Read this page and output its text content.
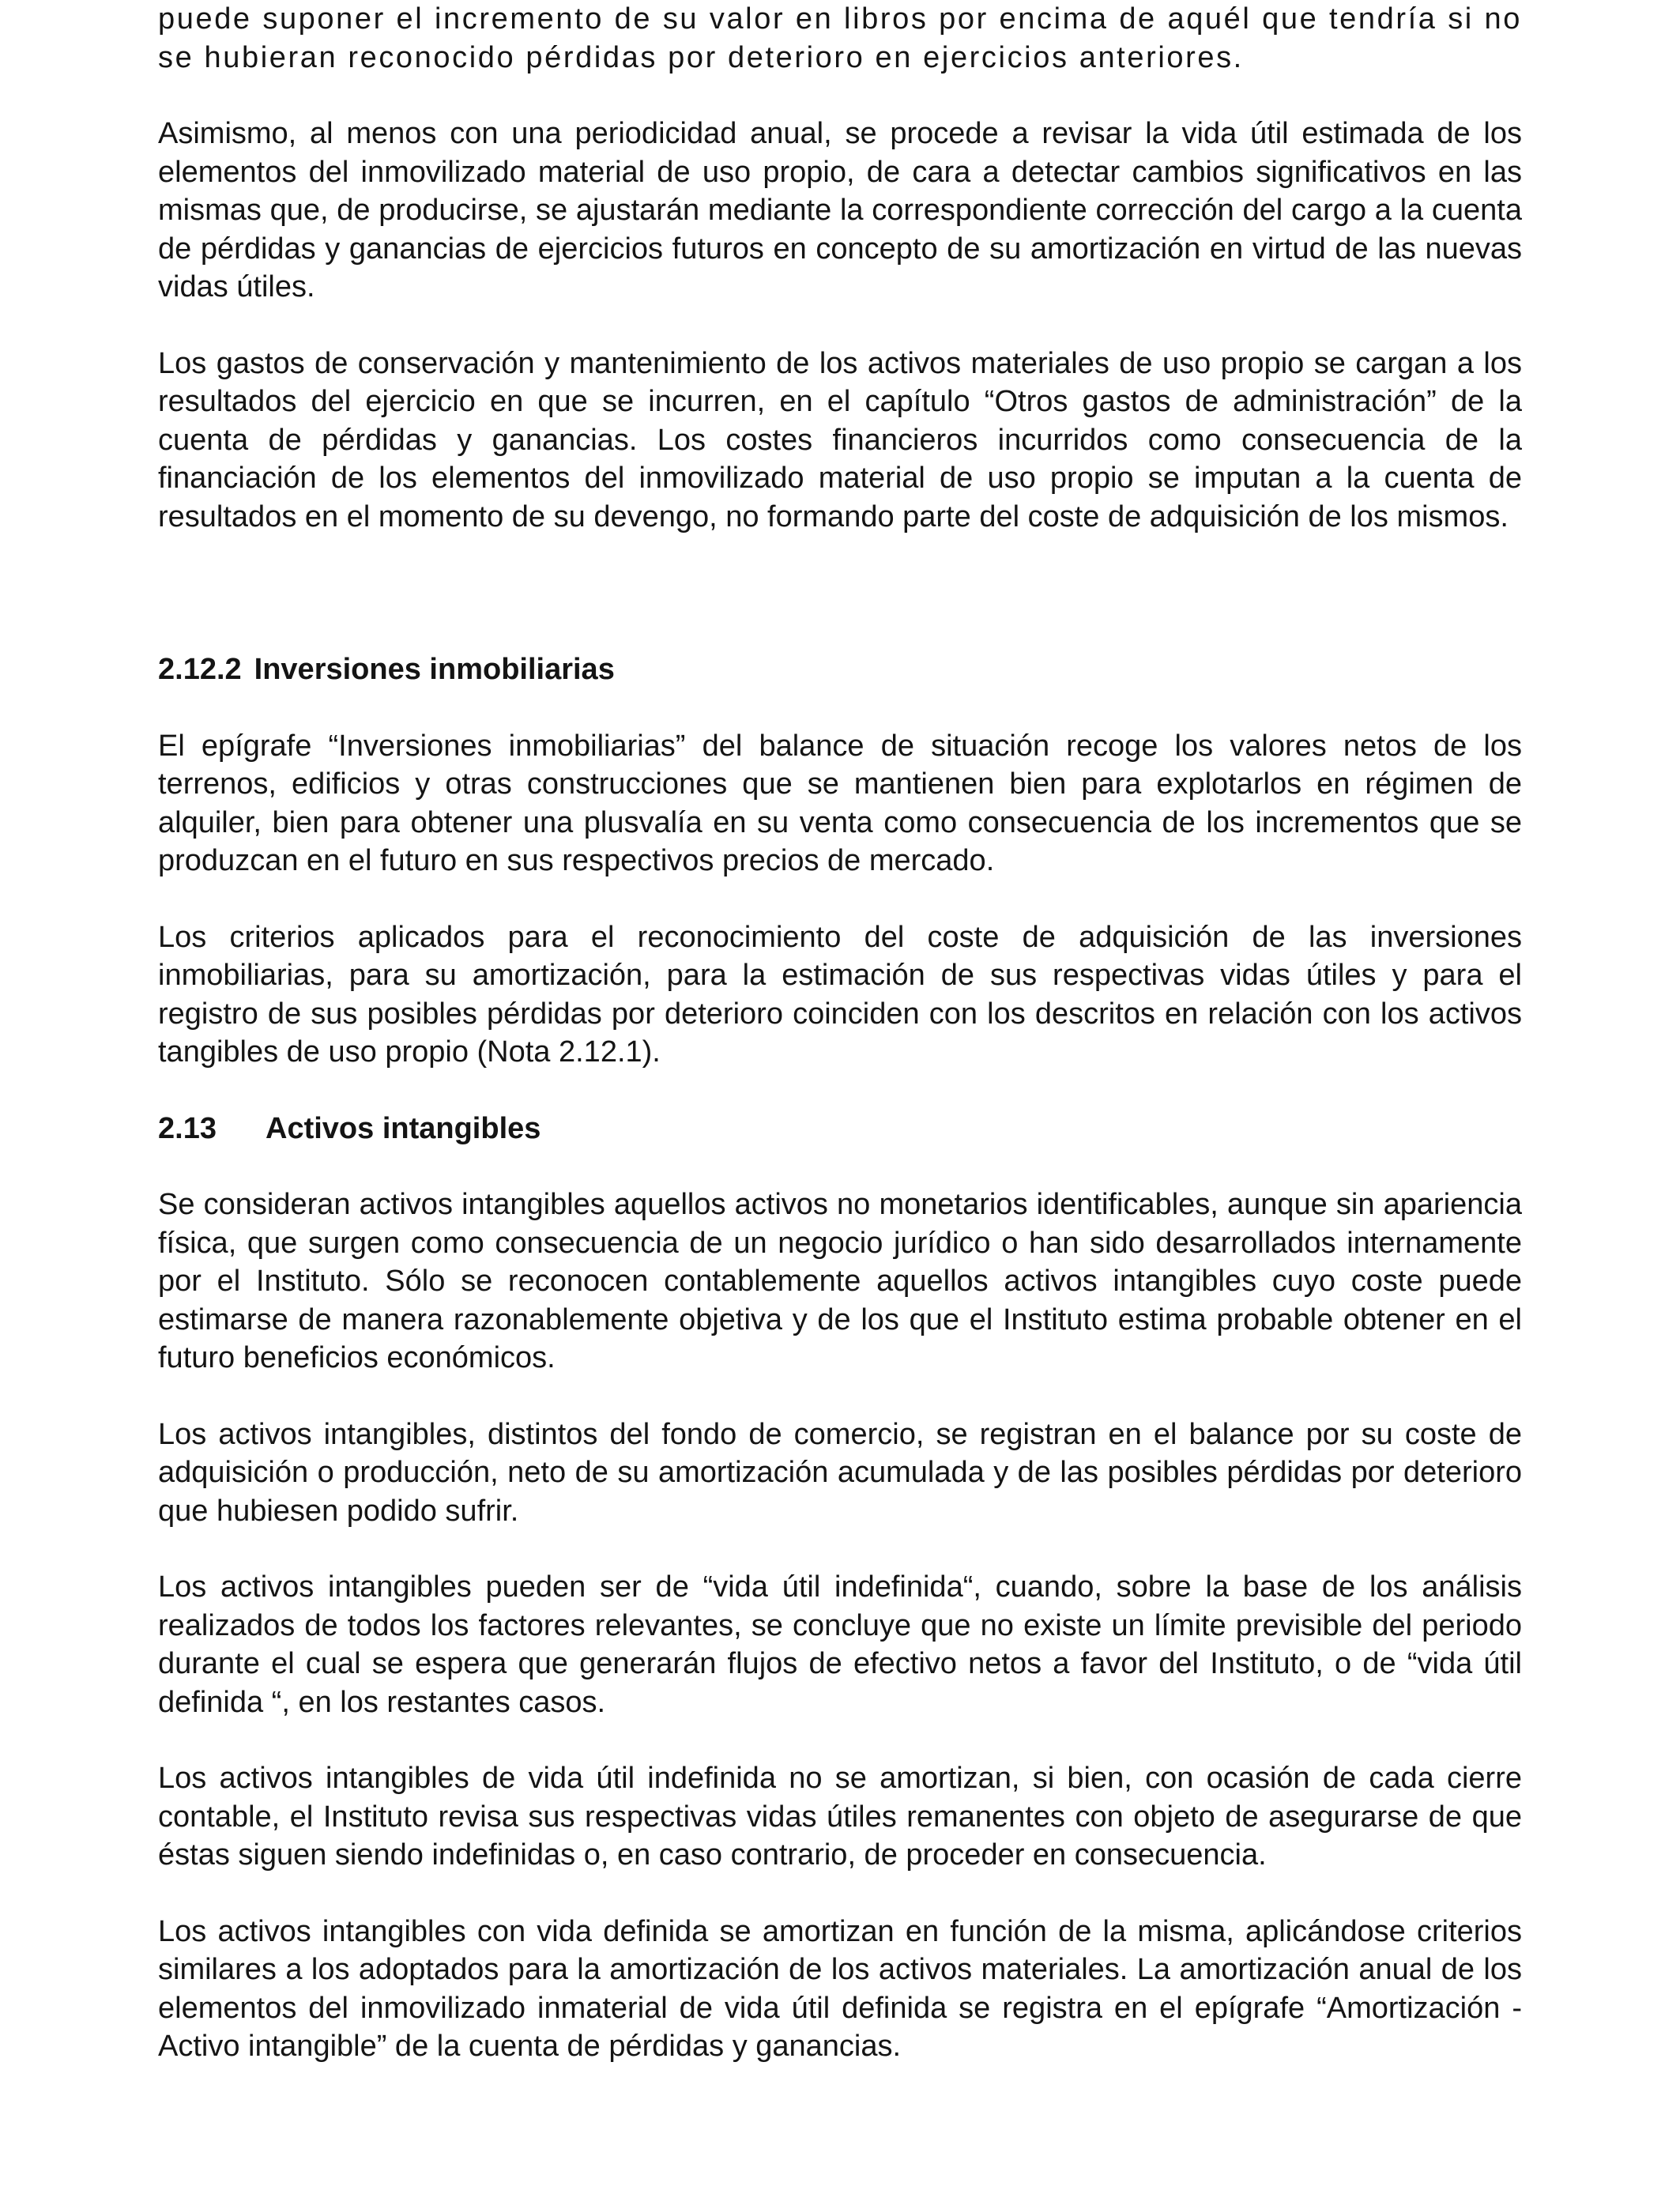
puede suponer el incremento de su valor en libros por encima de aquél que tendría si no se hubieran reconocido pérdidas por deterioro en ejercicios anteriores.

Asimismo, al menos con una periodicidad anual, se procede a revisar la vida útil estimada de los elementos del inmovilizado material de uso propio, de cara a detectar cambios significativos en las mismas que, de producirse, se ajustarán mediante la correspondiente corrección del cargo a la cuenta de pérdidas y ganancias de ejercicios futuros en concepto de su amortización en virtud de las nuevas vidas útiles.

Los gastos de conservación y mantenimiento de los activos materiales de uso propio se cargan a los resultados del ejercicio en que se incurren, en el capítulo “Otros gastos de administración” de la cuenta de pérdidas y ganancias. Los costes financieros incurridos como consecuencia de la financiación de los elementos del inmovilizado material de uso propio se imputan a la cuenta de resultados en el momento de su devengo, no formando parte del coste de adquisición de los mismos.

2.12.2 Inversiones inmobiliarias

El epígrafe “Inversiones inmobiliarias” del balance de situación recoge los valores netos de los terrenos, edificios y otras construcciones que se mantienen bien para explotarlos en régimen de alquiler, bien para obtener una plusvalía en su venta como consecuencia de los incrementos que se produzcan en el futuro en sus respectivos precios de mercado.

Los criterios aplicados para el reconocimiento del coste de adquisición de las inversiones inmobiliarias, para su amortización, para la estimación de sus respectivas vidas útiles y para el registro de sus posibles pérdidas por deterioro coinciden con los descritos en relación con los activos tangibles de uso propio (Nota 2.12.1).

2.13 Activos intangibles

Se consideran activos intangibles aquellos activos no monetarios identificables, aunque sin apariencia física, que surgen como consecuencia de un negocio jurídico o han sido desarrollados internamente por el Instituto. Sólo se reconocen contablemente aquellos activos intangibles cuyo coste puede estimarse de manera razonablemente objetiva y de los que el Instituto estima probable obtener en el futuro beneficios económicos.

Los activos intangibles, distintos del fondo de comercio, se registran en el balance por su coste de adquisición o producción, neto de su amortización acumulada y de las posibles pérdidas por deterioro que hubiesen podido sufrir.

Los activos intangibles pueden ser de “vida útil indefinida“, cuando, sobre la base de los análisis realizados de todos los factores relevantes, se concluye que no existe un límite previsible del periodo durante el cual se espera que generarán flujos de efectivo netos a favor del Instituto, o de “vida útil definida “, en los restantes casos.

Los activos intangibles de vida útil indefinida no se amortizan, si bien, con ocasión de cada cierre contable, el Instituto revisa sus respectivas vidas útiles remanentes con objeto de asegurarse de que éstas siguen siendo indefinidas o, en caso contrario, de proceder en consecuencia.

Los activos intangibles con vida definida se amortizan en función de la misma, aplicándose criterios similares a los adoptados para la amortización de los activos materiales. La amortización anual de los elementos del inmovilizado inmaterial de vida útil definida se registra en el epígrafe “Amortización - Activo intangible” de la cuenta de pérdidas y ganancias.
